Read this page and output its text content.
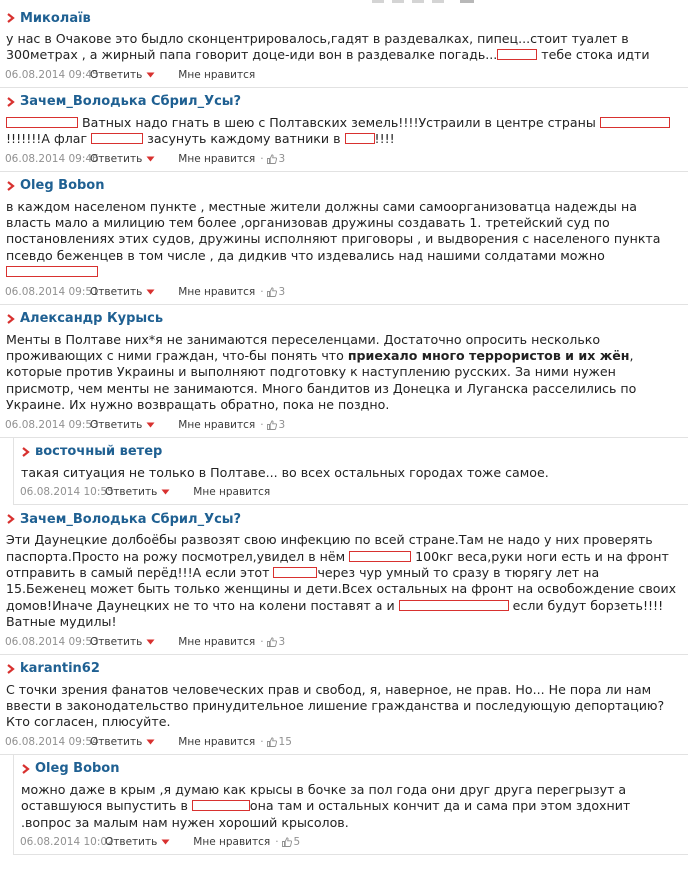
Миколаїв

у нас в Очакове это быдло сконцентрировалось,гадят в раздевалках, пипец...стоит туалет в 300метрах , а жирный папа говорит доце-иди вон в раздевалке погадь...	тебе стока идти

06.08.2014 09:45
Ответить	Мне нравится
Зачем_Володька Сбрил_Усы?

Ватных надо гнать в шею с Полтавских земель!!!!Устраили в центре страны !!!!!!!А флаг	засунуть каждому ватники в !!!!

06.08.2014 09:46
Ответить	Мне нравится · 3
Oleg Bobon

в каждом населеном пункте , местные жители должны сами самоорганизоватца надежды на власть мало а милицию тем более ,организовав дружины создавать 1. третейский суд по постановлениях этих судов, дружины исполняют приговоры , и выдворения с населеного пункта псевдо беженцев в том числе , да дидкив что издевались над нашими солдатами можно

06.08.2014 09:51
Ответить	Мне нравится · 3
Александр Курысь

Менты в Полтаве них*я не занимаются переселенцами. Достаточно опросить несколько проживающих с ними граждан, что-бы понять что приехало много террористов и их жён, которые против Украины и выполняют подготовку к наступлению русских. За ними нужен присмотр, чем менты не занимаются. Много бандитов из Донецка и Луганска расселились по Украине. Их нужно возвращать обратно, пока не поздно.

06.08.2014 09:53
Ответить	Мне нравится · 3
восточный ветер

такая ситуация не только в Полтаве... во всех остальных городах тоже самое.

06.08.2014 10:55
Ответить	Мне нравится
Зачем_Володька Сбрил_Усы?

Эти Даунецкие долбоёбы развозят свою инфекцию по всей стране.Там не надо у них проверять паспорта.Просто на рожу посмотрел,увидел в нём	100кг веса,руки ноги есть и на фронт отправить в самый перёд!!!А если этот	через чур умный то сразу в тюрягу лет на 15.Беженец может быть только женщины и дети.Всех остальных на фронт на освобождение своих домов!Иначе Даунецких не то что на колени поставят а и	если будут борзеть!!!!Ватные мудилы!

06.08.2014 09:53
Ответить	Мне нравится · 3
karantin62

С точки зрения фанатов человеческих прав и свобод, я, наверное, не прав. Но... Не пора ли нам ввести в законодательство принудительное лишение гражданства и последующую депортацию? Кто согласен, плюсуйте.

06.08.2014 09:54
Ответить	Мне нравится · 15
Oleg Bobon

можно даже в крым ,я думаю как крысы в бочке за пол года они друг друга перегрызут а оставшуюся выпустить в	она там и остальных кончит да и сама при этом здохнит .вопрос за малым нам нужен хороший крысолов.

06.08.2014 10:02
Ответить	Мне нравится · 5
